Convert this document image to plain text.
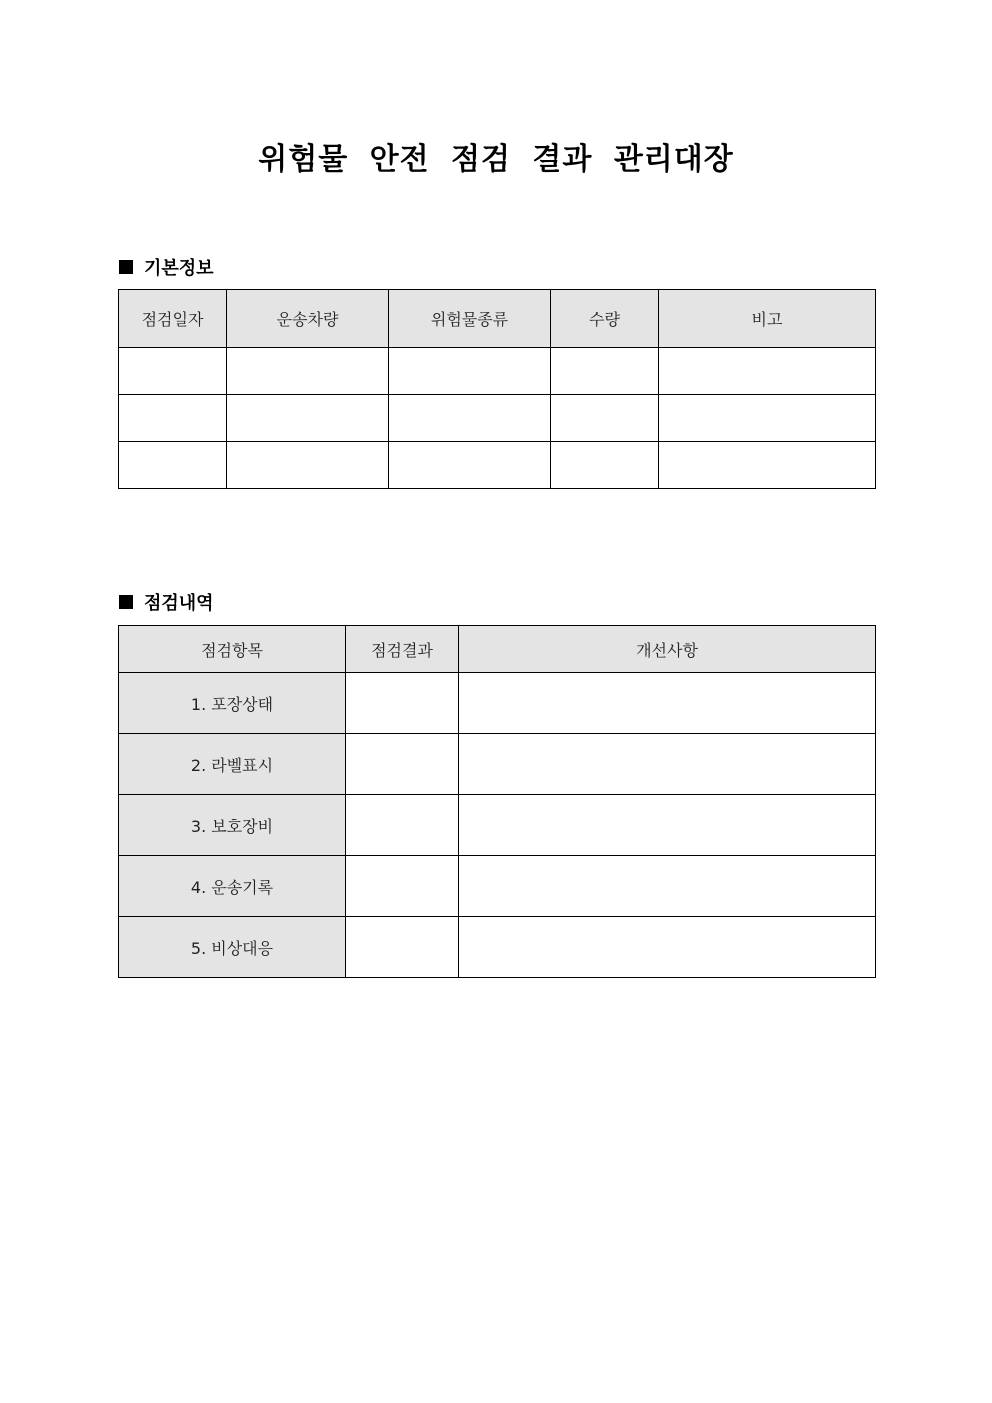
위험물 안전 점검 결과 관리대장
기본정보
점검일자	운송차량	위험물종류	수량	비고

점검내역
점검항목	점검결과	개선사항
1. 포장상태		
2. 라벨표시		
3. 보호장비		
4. 운송기록		
5. 비상대응		
